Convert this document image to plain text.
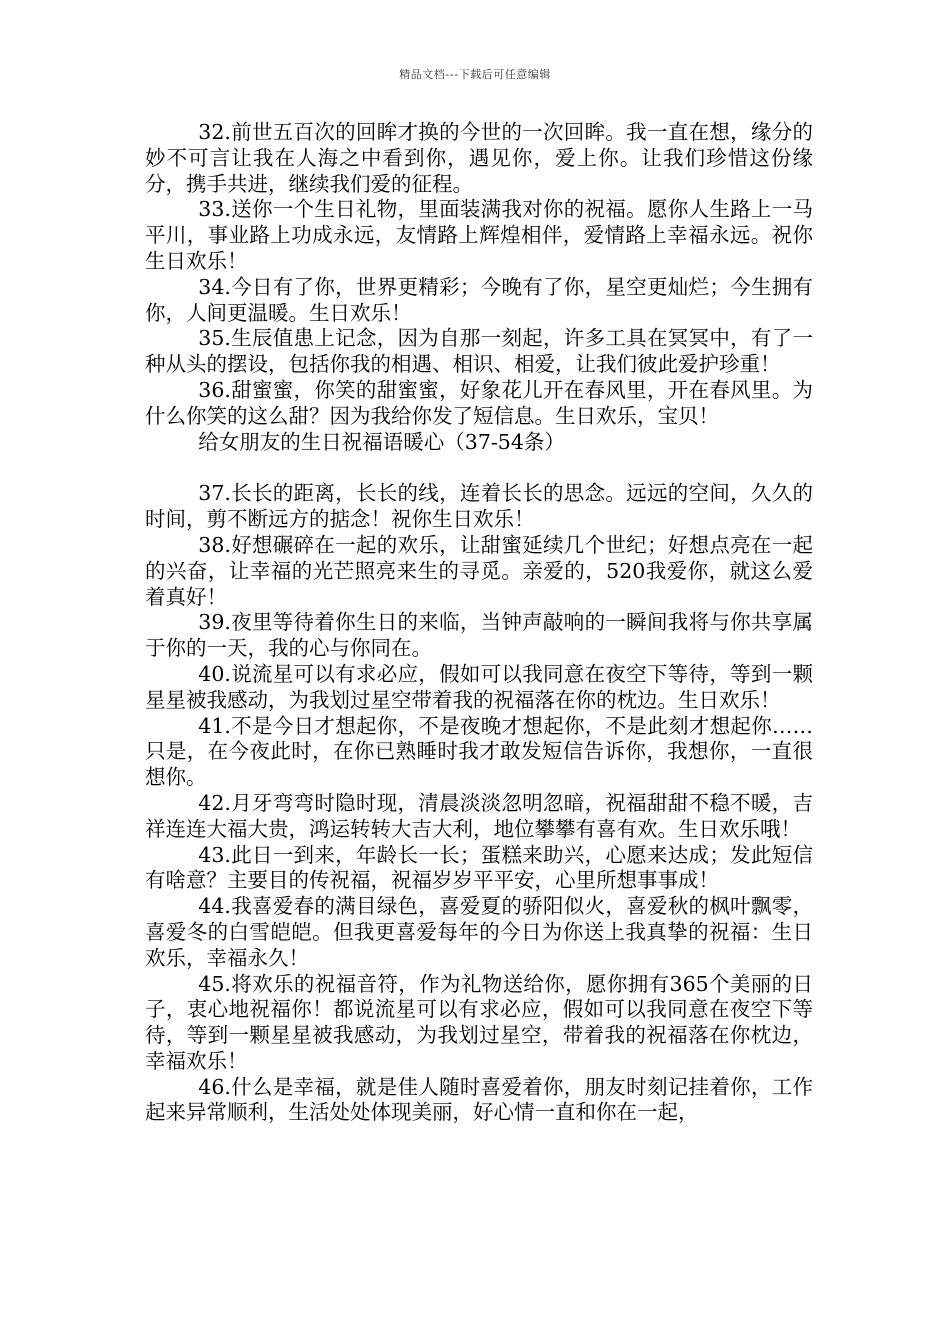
精品文档---下载后可任意编辑

32.前世五百次的回眸才换的今世的一次回眸。我一直在想，缘分的妙不可言让我在人海之中看到你，遇见你，爱上你。让我们珍惜这份缘分，携手共进，继续我们爱的征程。

33.送你一个生日礼物，里面装满我对你的祝福。愿你人生路上一马平川，事业路上功成永远，友情路上辉煌相伴，爱情路上幸福永远。祝你生日欢乐！

34.今日有了你，世界更精彩；今晚有了你，星空更灿烂；今生拥有你，人间更温暖。生日欢乐！

35.生辰值患上记念，因为自那一刻起，许多工具在冥冥中，有了一种从头的摆设，包括你我的相遇、相识、相爱，让我们彼此爱护珍重！

36.甜蜜蜜，你笑的甜蜜蜜，好象花儿开在春风里，开在春风里。为什么你笑的这么甜？因为我给你发了短信息。生日欢乐，宝贝！

给女朋友的生日祝福语暖心（37-54条）

37.长长的距离，长长的线，连着长长的思念。远远的空间，久久的时间，剪不断远方的掂念！祝你生日欢乐！

38.好想碾碎在一起的欢乐，让甜蜜延续几个世纪；好想点亮在一起的兴奋，让幸福的光芒照亮来生的寻觅。亲爱的，520我爱你，就这么爱着真好！

39.夜里等待着你生日的来临，当钟声敲响的一瞬间我将与你共享属于你的一天，我的心与你同在。

40.说流星可以有求必应，假如可以我同意在夜空下等待，等到一颗星星被我感动，为我划过星空带着我的祝福落在你的枕边。生日欢乐！

41.不是今日才想起你，不是夜晚才想起你，不是此刻才想起你……只是，在今夜此时，在你已熟睡时我才敢发短信告诉你，我想你，一直很想你。

42.月牙弯弯时隐时现，清晨淡淡忽明忽暗，祝福甜甜不稳不暖，吉祥连连大福大贵，鸿运转转大吉大利，地位攀攀有喜有欢。生日欢乐哦！

43.此日一到来，年龄长一长；蛋糕来助兴，心愿来达成；发此短信有啥意？主要目的传祝福，祝福岁岁平平安，心里所想事事成！

44.我喜爱春的满目绿色，喜爱夏的骄阳似火，喜爱秋的枫叶飘零，喜爱冬的白雪皑皑。但我更喜爱每年的今日为你送上我真挚的祝福：生日欢乐，幸福永久！

45.将欢乐的祝福音符，作为礼物送给你，愿你拥有365个美丽的日子，衷心地祝福你！都说流星可以有求必应，假如可以我同意在夜空下等待，等到一颗星星被我感动，为我划过星空，带着我的祝福落在你枕边，幸福欢乐！

46.什么是幸福，就是佳人随时喜爱着你，朋友时刻记挂着你，工作起来异常顺利，生活处处体现美丽，好心情一直和你在一起，
